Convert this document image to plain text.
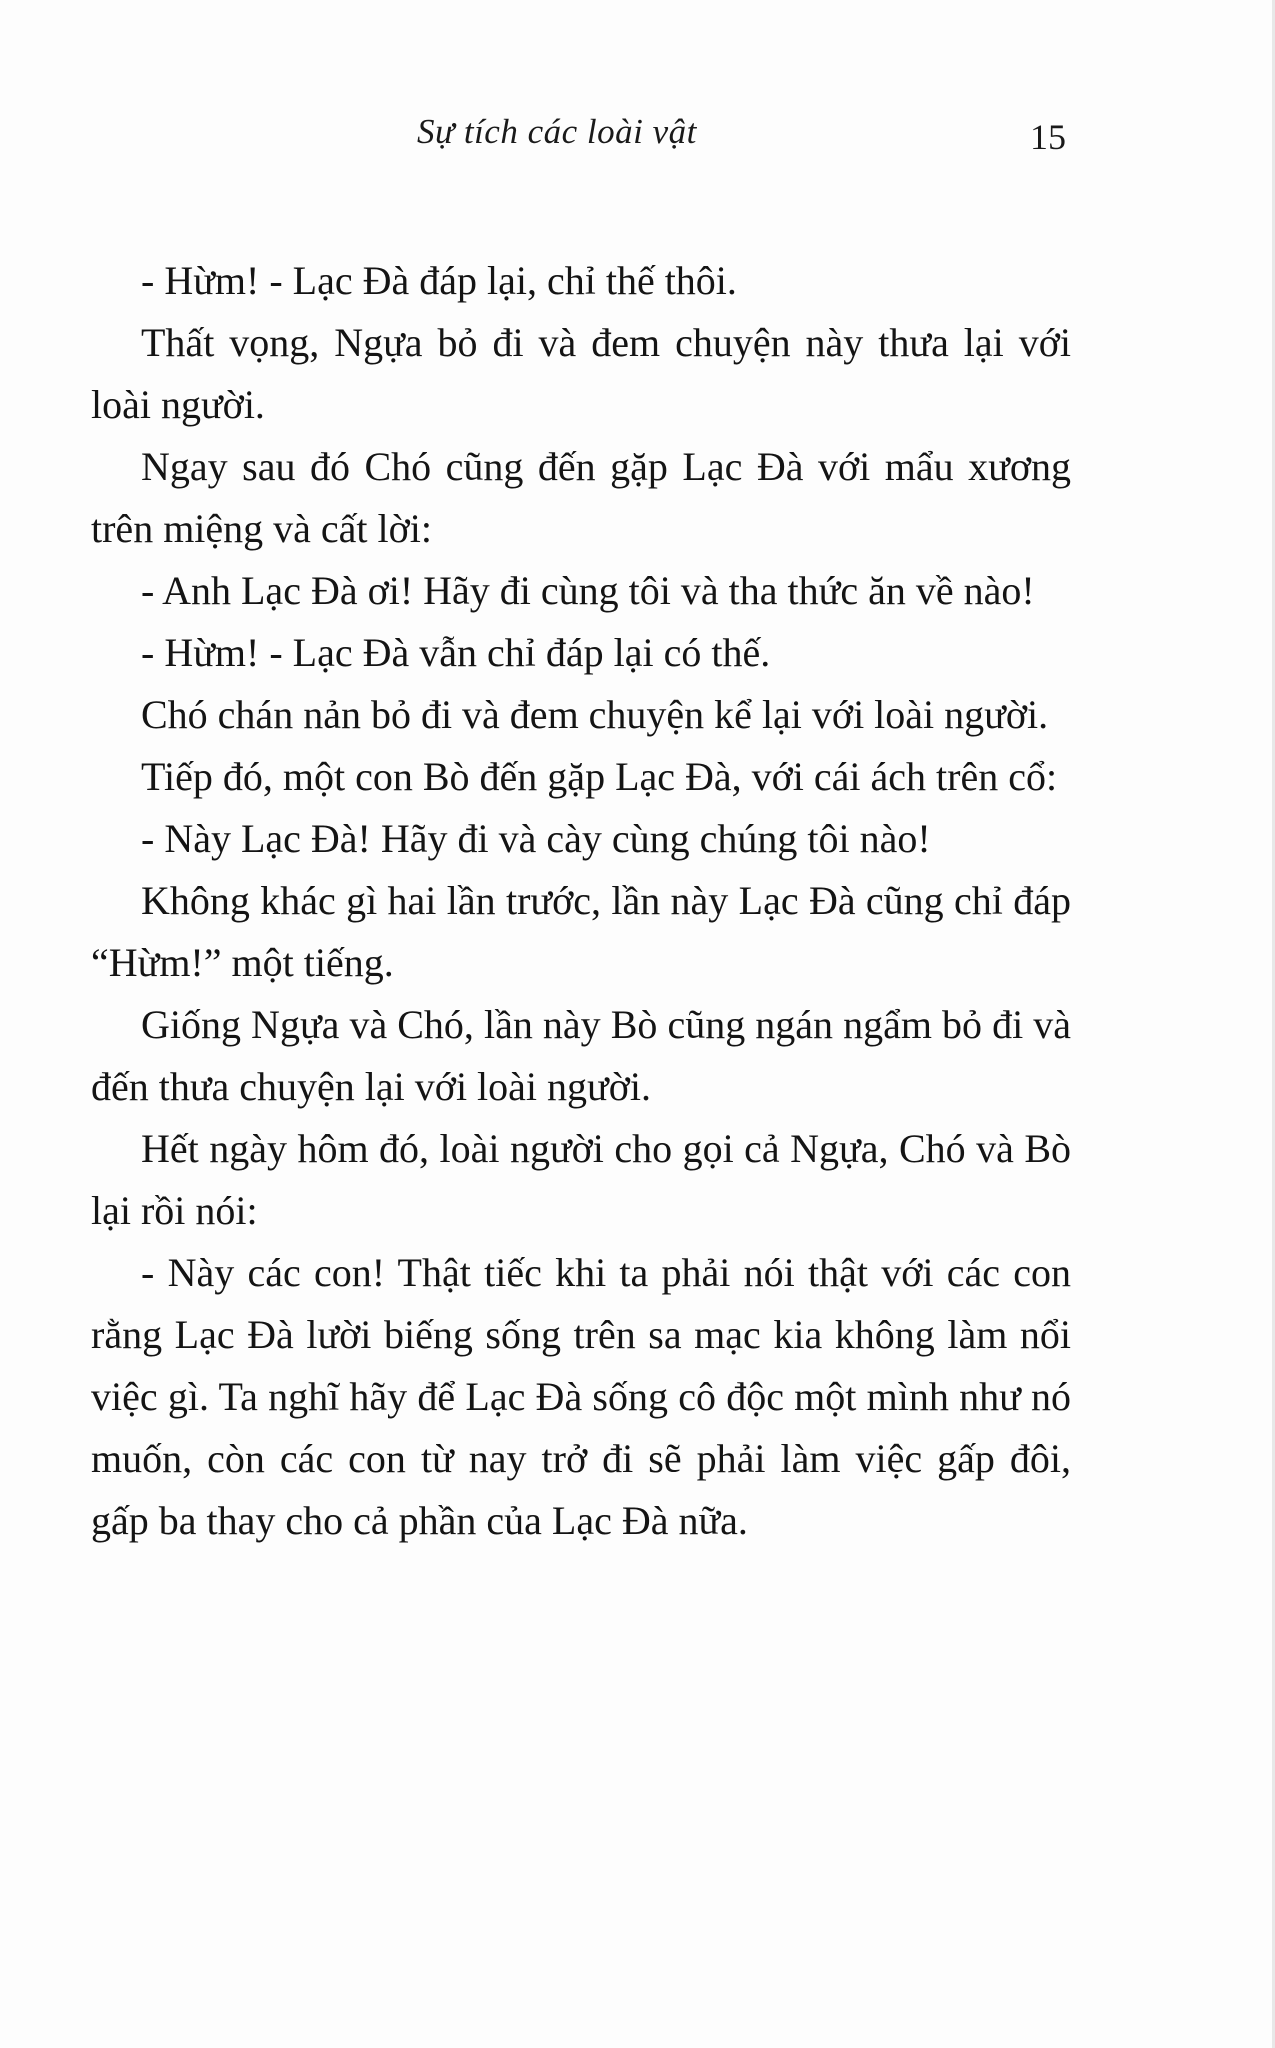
Sự tích các loài vật	15

- Hừm! - Lạc Đà đáp lại, chỉ thế thôi.

Thất vọng, Ngựa bỏ đi và đem chuyện này thưa lại với loài người.

Ngay sau đó Chó cũng đến gặp Lạc Đà với mẩu xương trên miệng và cất lời:

- Anh Lạc Đà ơi! Hãy đi cùng tôi và tha thức ăn về nào!

- Hừm! - Lạc Đà vẫn chỉ đáp lại có thế.

Chó chán nản bỏ đi và đem chuyện kể lại với loài người.

Tiếp đó, một con Bò đến gặp Lạc Đà, với cái ách trên cổ:

- Này Lạc Đà! Hãy đi và cày cùng chúng tôi nào!

Không khác gì hai lần trước, lần này Lạc Đà cũng chỉ đáp “Hừm!” một tiếng.

Giống Ngựa và Chó, lần này Bò cũng ngán ngẩm bỏ đi và đến thưa chuyện lại với loài người.

Hết ngày hôm đó, loài người cho gọi cả Ngựa, Chó và Bò lại rồi nói:

- Này các con! Thật tiếc khi ta phải nói thật với các con rằng Lạc Đà lười biếng sống trên sa mạc kia không làm nổi việc gì. Ta nghĩ hãy để Lạc Đà sống cô độc một mình như nó muốn, còn các con từ nay trở đi sẽ phải làm việc gấp đôi, gấp ba thay cho cả phần của Lạc Đà nữa.
